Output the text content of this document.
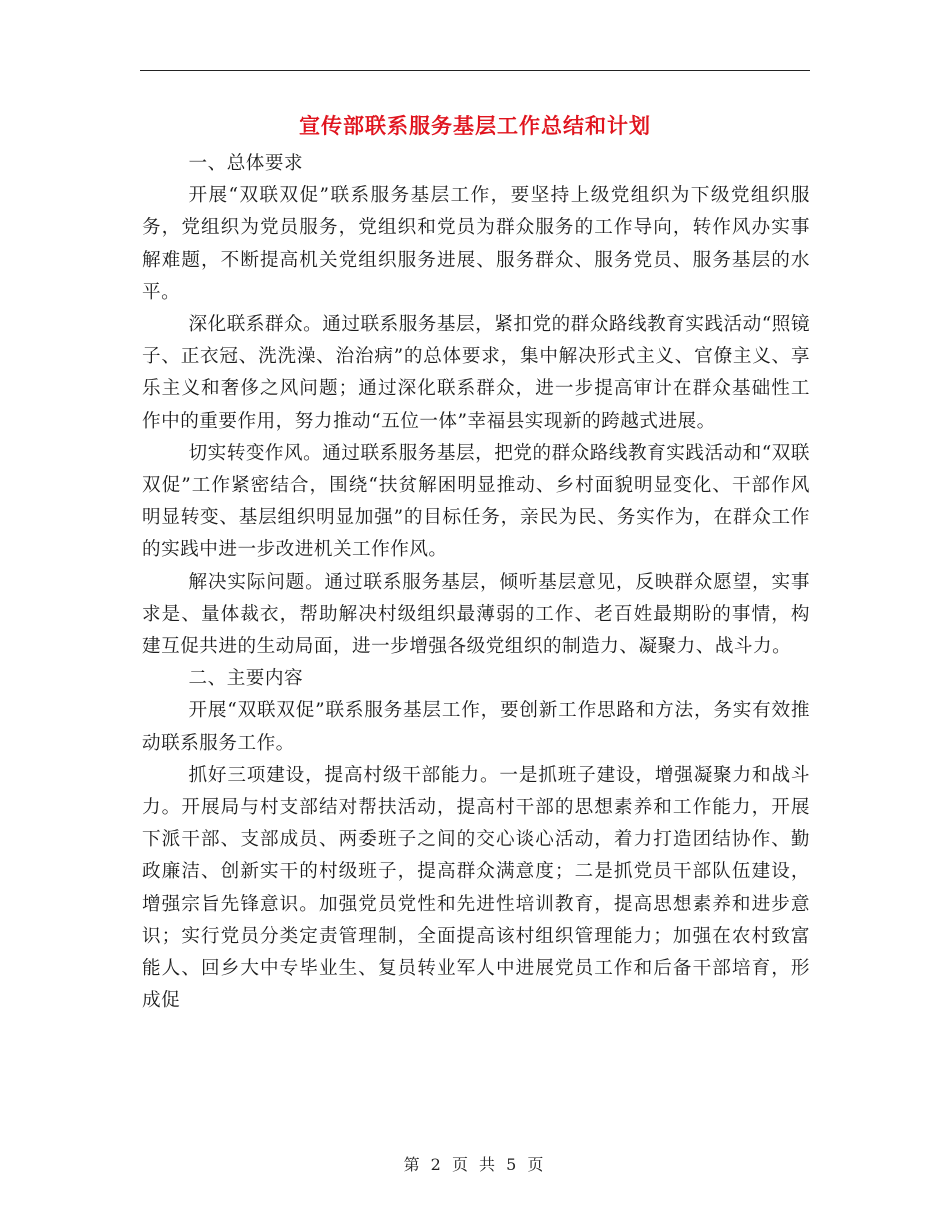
宣传部联系服务基层工作总结和计划

一、总体要求

开展“双联双促”联系服务基层工作，要坚持上级党组织为下级党组织服务，党组织为党员服务，党组织和党员为群众服务的工作导向，转作风办实事解难题，不断提高机关党组织服务进展、服务群众、服务党员、服务基层的水平。

深化联系群众。通过联系服务基层，紧扣党的群众路线教育实践活动“照镜子、正衣冠、洗洗澡、治治病”的总体要求，集中解决形式主义、官僚主义、享乐主义和奢侈之风问题；通过深化联系群众，进一步提高审计在群众基础性工作中的重要作用，努力推动“五位一体”幸福县实现新的跨越式进展。

切实转变作风。通过联系服务基层，把党的群众路线教育实践活动和“双联双促”工作紧密结合，围绕“扶贫解困明显推动、乡村面貌明显变化、干部作风明显转变、基层组织明显加强”的目标任务，亲民为民、务实作为，在群众工作的实践中进一步改进机关工作作风。

解决实际问题。通过联系服务基层，倾听基层意见，反映群众愿望，实事求是、量体裁衣，帮助解决村级组织最薄弱的工作、老百姓最期盼的事情，构建互促共进的生动局面，进一步增强各级党组织的制造力、凝聚力、战斗力。

二、主要内容

开展“双联双促”联系服务基层工作，要创新工作思路和方法，务实有效推动联系服务工作。

抓好三项建设，提高村级干部能力。一是抓班子建设，增强凝聚力和战斗力。开展局与村支部结对帮扶活动，提高村干部的思想素养和工作能力，开展下派干部、支部成员、两委班子之间的交心谈心活动，着力打造团结协作、勤政廉洁、创新实干的村级班子，提高群众满意度；二是抓党员干部队伍建设，增强宗旨先锋意识。加强党员党性和先进性培训教育，提高思想素养和进步意识；实行党员分类定责管理制，全面提高该村组织管理能力；加强在农村致富能人、回乡大中专毕业生、复员转业军人中进展党员工作和后备干部培育，形成促

第 2 页 共 5 页
